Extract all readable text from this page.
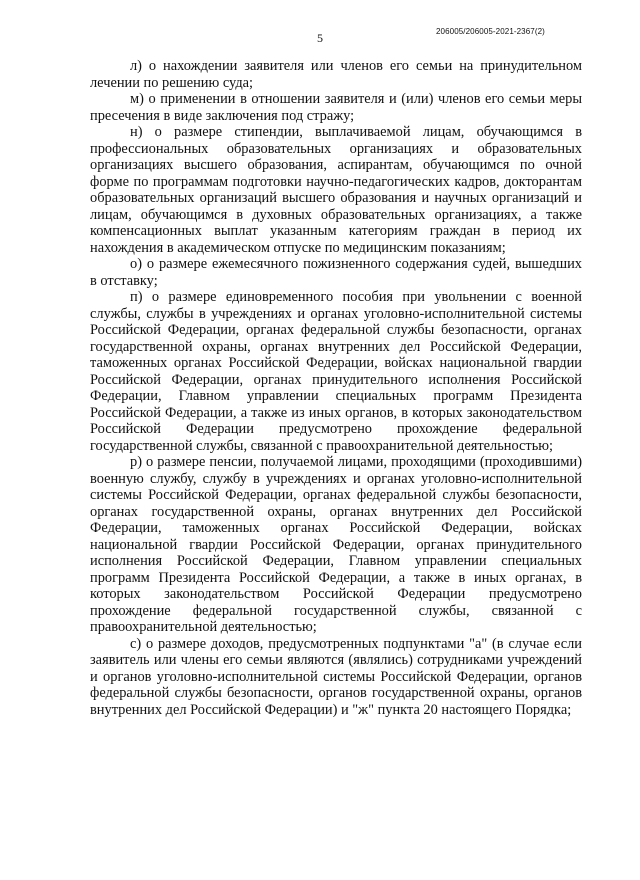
5	206005/206005-2021-2367(2)

л) о нахождении заявителя или членов его семьи на принудительном лечении по решению суда;

м) о применении в отношении заявителя и (или) членов его семьи меры пресечения в виде заключения под стражу;

н) о размере стипендии, выплачиваемой лицам, обучающимся в профессиональных образовательных организациях и образовательных организациях высшего образования, аспирантам, обучающимся по очной форме по программам подготовки научно-педагогических кадров, докторантам образовательных организаций высшего образования и научных организаций и лицам, обучающимся в духовных образовательных организациях, а также компенсационных выплат указанным категориям граждан в период их нахождения в академическом отпуске по медицинским показаниям;

о) о размере ежемесячного пожизненного содержания судей, вышедших в отставку;

п) о размере единовременного пособия при увольнении с военной службы, службы в учреждениях и органах уголовно-исполнительной системы Российской Федерации, органах федеральной службы безопасности, органах государственной охраны, органах внутренних дел Российской Федерации, таможенных органах Российской Федерации, войсках национальной гвардии Российской Федерации, органах принудительного исполнения Российской Федерации, Главном управлении специальных программ Президента Российской Федерации, а также из иных органов, в которых законодательством Российской Федерации предусмотрено прохождение федеральной государственной службы, связанной с правоохранительной деятельностью;

р) о размере пенсии, получаемой лицами, проходящими (проходившими) военную службу, службу в учреждениях и органах уголовно-исполнительной системы Российской Федерации, органах федеральной службы безопасности, органах государственной охраны, органах внутренних дел Российской Федерации, таможенных органах Российской Федерации, войсках национальной гвардии Российской Федерации, органах принудительного исполнения Российской Федерации, Главном управлении специальных программ Президента Российской Федерации, а также в иных органах, в которых законодательством Российской Федерации предусмотрено прохождение федеральной государственной службы, связанной с правоохранительной деятельностью;

с) о размере доходов, предусмотренных подпунктами "а" (в случае если заявитель или члены его семьи являются (являлись) сотрудниками учреждений и органов уголовно-исполнительной системы Российской Федерации, органов федеральной службы безопасности, органов государственной охраны, органов внутренних дел Российской Федерации) и "ж" пункта 20 настоящего Порядка;
